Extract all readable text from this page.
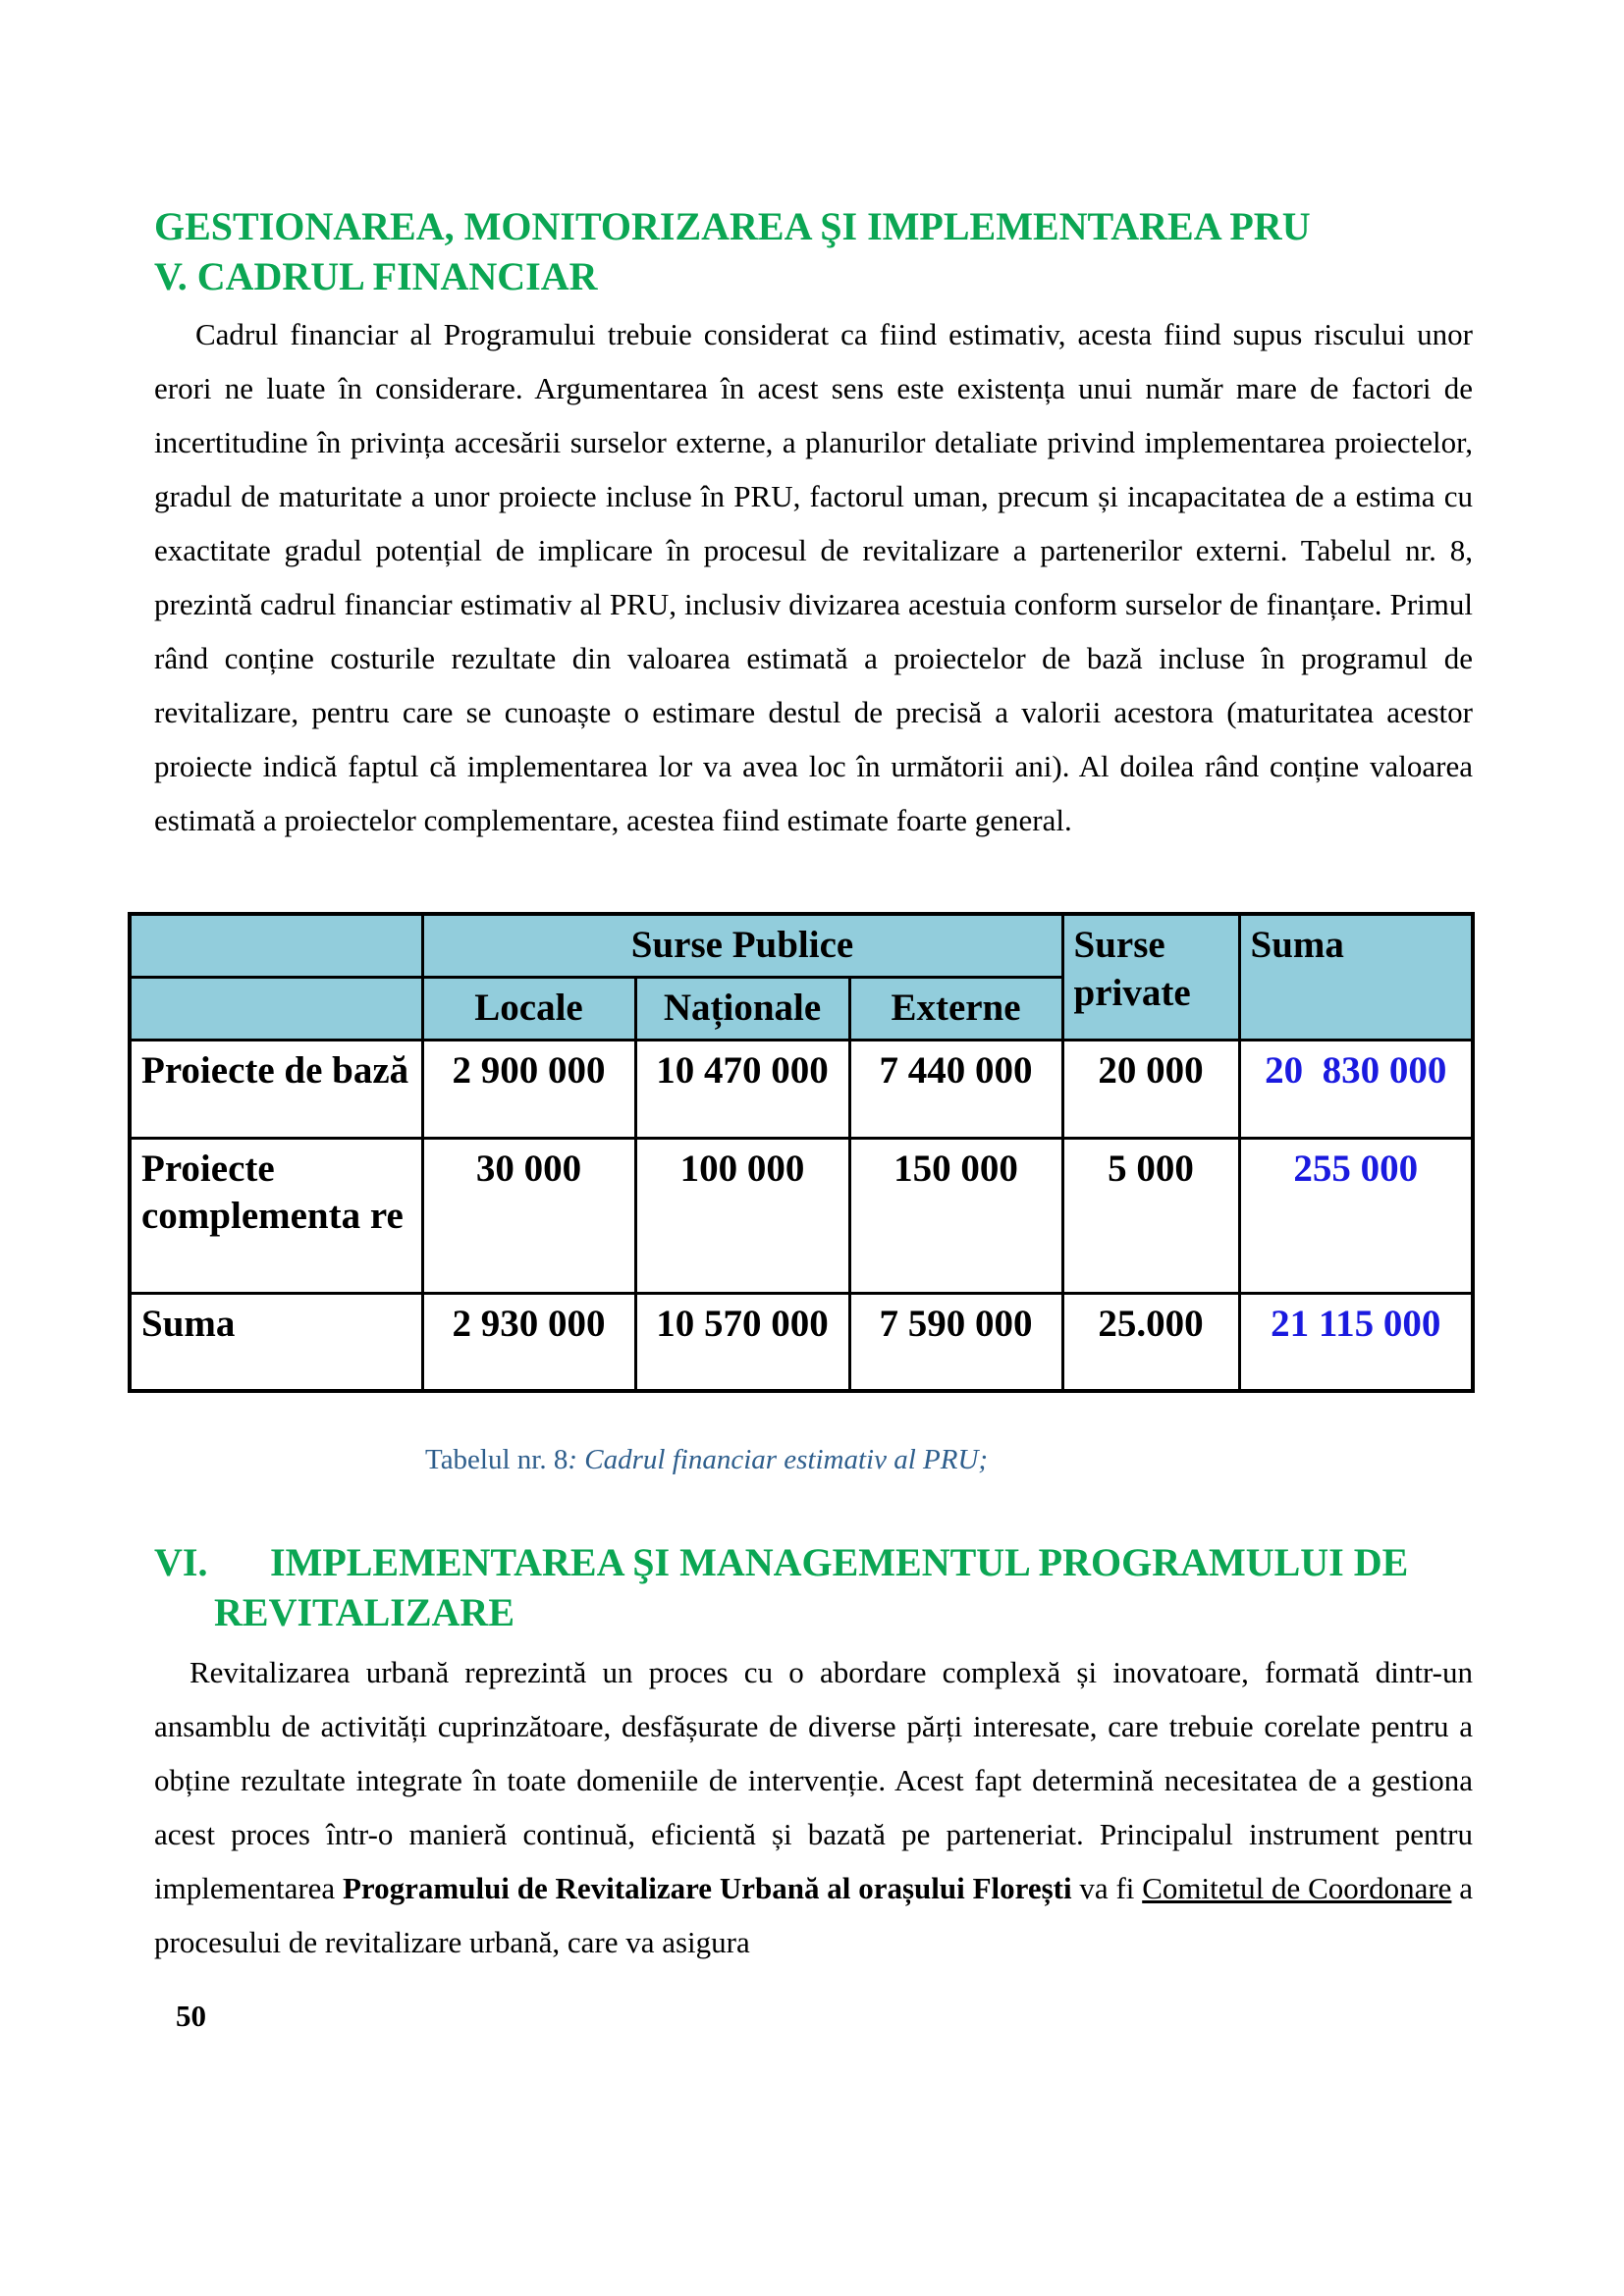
GESTIONAREA, MONITORIZAREA ŞI IMPLEMENTAREA PRU
V. CADRUL FINANCIAR

Cadrul financiar al Programului trebuie considerat ca fiind estimativ, acesta fiind supus riscului unor erori ne luate în considerare. Argumentarea în acest sens este existența unui număr mare de factori de incertitudine în privința accesării surselor externe, a planurilor detaliate privind implementarea proiectelor, gradul de maturitate a unor proiecte incluse în PRU, factorul uman, precum și incapacitatea de a estima cu exactitate gradul potențial de implicare în procesul de revitalizare a partenerilor externi. Tabelul nr. 8, prezintă cadrul financiar estimativ al PRU, inclusiv divizarea acestuia conform surselor de finanțare. Primul rând conține costurile rezultate din valoarea estimată a proiectelor de bază incluse în programul de revitalizare, pentru care se cunoaște o estimare destul de precisă a valorii acestora (maturitatea acestor proiecte indică faptul că implementarea lor va avea loc în următorii ani). Al doilea rând conține valoarea estimată a proiectelor complementare, acestea fiind estimate foarte general.

	Surse Publice			Surse private	Suma
	Locale	Naționale	Externe		
Proiecte de bază	2 900 000	10 470 000	7 440 000	20 000	20  830 000
Proiecte complementa re	30 000	100 000	150 000	5 000	255 000
Suma	2 930 000	10 570 000	7 590 000	25.000	21 115 000
Tabelul nr. 8: Cadrul financiar estimativ al PRU;
VI. IMPLEMENTAREA ŞI MANAGEMENTUL PROGRAMULUI DE
REVITALIZARE

Revitalizarea urbană reprezintă un proces cu o abordare complexă și inovatoare, formată dintr-un ansamblu de activități cuprinzătoare, desfășurate de diverse părți interesate, care trebuie corelate pentru a obține rezultate integrate în toate domeniile de intervenție. Acest fapt determină necesitatea de a gestiona acest proces într-o manieră continuă, eficientă și bazată pe parteneriat. Principalul instrument pentru implementarea Programului de Revitalizare Urbană al orașului Florești va fi Comitetul de Coordonare a procesului de revitalizare urbană, care va asigura

50
